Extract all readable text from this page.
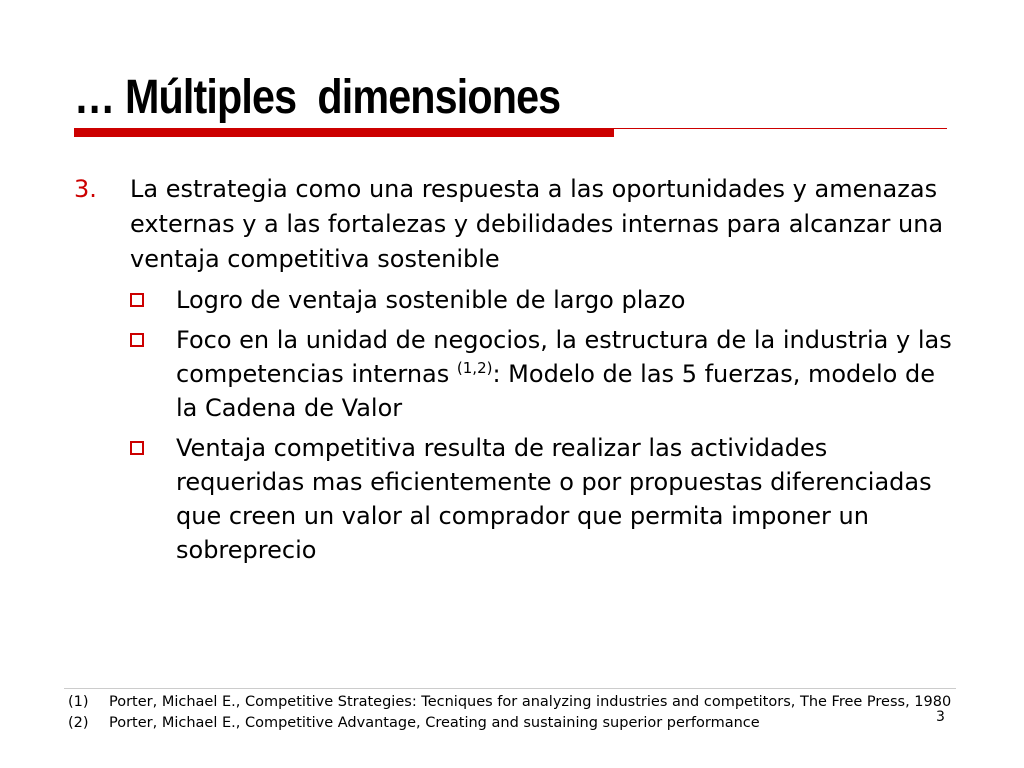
… Múltiples  dimensiones
3. La estrategia como una respuesta a las oportunidades y amenazas externas y a las fortalezas y debilidades internas para alcanzar una ventaja competitiva sostenible
Logro de ventaja sostenible de largo plazo
Foco en la unidad de negocios, la estructura de la industria y las competencias internas $^{(1,2)}$: Modelo de las 5 fuerzas, modelo de la Cadena de Valor
Ventaja competitiva resulta de realizar las actividades requeridas mas eficientemente o por propuestas diferenciadas que creen un valor al comprador que permita imponer un sobreprecio
(1) Porter, Michael E., Competitive Strategies: Tecniques for analyzing industries and competitors, The Free Press, 1980
(2) Porter, Michael E., Competitive Advantage, Creating and sustaining superior performance	3
